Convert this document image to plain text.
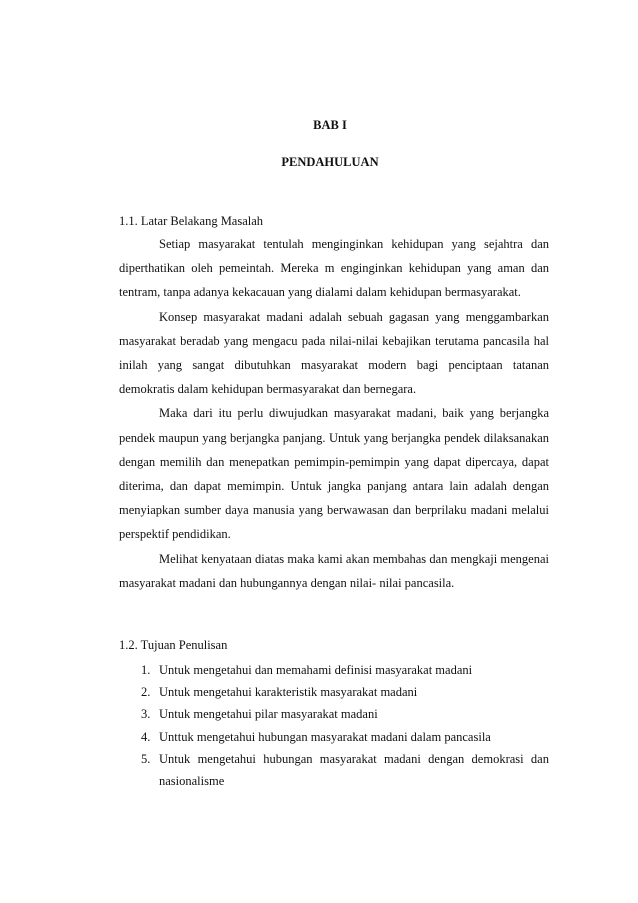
BAB I
PENDAHULUAN

1.1. Latar Belakang Masalah

Setiap masyarakat tentulah menginginkan kehidupan yang sejahtra dan diperthatikan oleh pemeintah. Mereka m enginginkan kehidupan yang aman dan tentram, tanpa adanya kekacauan yang dialami dalam kehidupan bermasyarakat.

Konsep masyarakat madani adalah sebuah gagasan yang menggambarkan masyarakat beradab yang mengacu pada nilai-nilai kebajikan terutama pancasila hal inilah yang sangat dibutuhkan masyarakat modern bagi penciptaan tatanan demokratis dalam kehidupan bermasyarakat dan bernegara.

Maka dari itu perlu diwujudkan masyarakat madani, baik yang berjangka pendek maupun yang berjangka panjang. Untuk yang berjangka pendek dilaksanakan dengan memilih dan menepatkan pemimpin-pemimpin yang dapat dipercaya, dapat diterima, dan dapat memimpin. Untuk jangka panjang antara lain adalah dengan menyiapkan sumber daya manusia yang berwawasan dan berprilaku madani melalui perspektif pendidikan.

Melihat kenyataan diatas maka kami akan membahas dan mengkaji mengenai masyarakat madani dan hubungannya dengan nilai- nilai pancasila.

1.2. Tujuan Penulisan

1. Untuk mengetahui dan memahami definisi masyarakat madani
2. Untuk mengetahui karakteristik masyarakat madani
3. Untuk mengetahui pilar masyarakat madani
4. Unttuk mengetahui hubungan masyarakat madani dalam pancasila
5. Untuk mengetahui hubungan masyarakat madani dengan demokrasi dan nasionalisme
